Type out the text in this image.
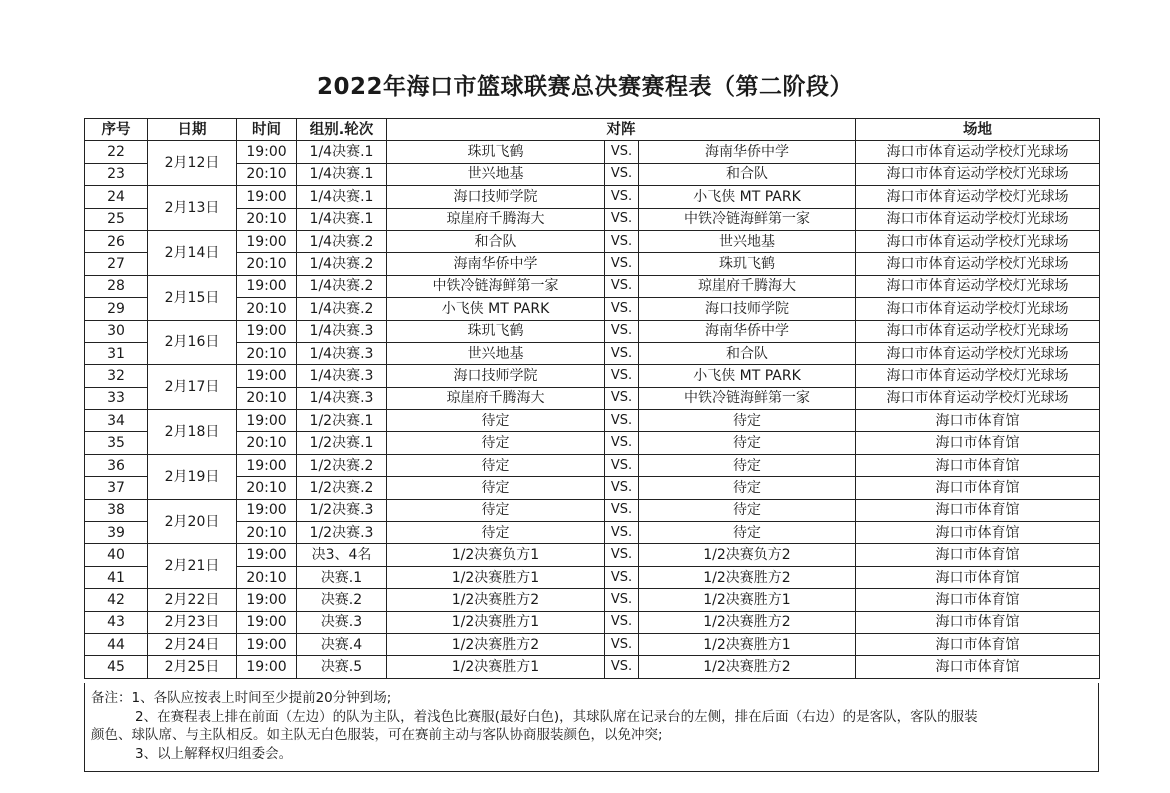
2022年海口市篮球联赛总决赛赛程表（第二阶段）
序号	日期	时间	组别.轮次	对阵			场地
22	2月12日	19:00	1/4决赛.1	珠玑飞鹤	VS.	海南华侨中学	海口市体育运动学校灯光球场
23		20:10	1/4决赛.1	世兴地基	VS.	和合队	海口市体育运动学校灯光球场
24	2月13日	19:00	1/4决赛.1	海口技师学院	VS.	小飞侠 MT PARK	海口市体育运动学校灯光球场
25		20:10	1/4决赛.1	琼崖府千腾海大	VS.	中铁冷链海鲜第一家	海口市体育运动学校灯光球场
26	2月14日	19:00	1/4决赛.2	和合队	VS.	世兴地基	海口市体育运动学校灯光球场
27		20:10	1/4决赛.2	海南华侨中学	VS.	珠玑飞鹤	海口市体育运动学校灯光球场
28	2月15日	19:00	1/4决赛.2	中铁冷链海鲜第一家	VS.	琼崖府千腾海大	海口市体育运动学校灯光球场
29		20:10	1/4决赛.2	小飞侠 MT PARK	VS.	海口技师学院	海口市体育运动学校灯光球场
30	2月16日	19:00	1/4决赛.3	珠玑飞鹤	VS.	海南华侨中学	海口市体育运动学校灯光球场
31		20:10	1/4决赛.3	世兴地基	VS.	和合队	海口市体育运动学校灯光球场
32	2月17日	19:00	1/4决赛.3	海口技师学院	VS.	小飞侠 MT PARK	海口市体育运动学校灯光球场
33		20:10	1/4决赛.3	琼崖府千腾海大	VS.	中铁冷链海鲜第一家	海口市体育运动学校灯光球场
34	2月18日	19:00	1/2决赛.1	待定	VS.	待定	海口市体育馆
35		20:10	1/2决赛.1	待定	VS.	待定	海口市体育馆
36	2月19日	19:00	1/2决赛.2	待定	VS.	待定	海口市体育馆
37		20:10	1/2决赛.2	待定	VS.	待定	海口市体育馆
38	2月20日	19:00	1/2决赛.3	待定	VS.	待定	海口市体育馆
39		20:10	1/2决赛.3	待定	VS.	待定	海口市体育馆
40	2月21日	19:00	决3、4名	1/2决赛负方1	VS.	1/2决赛负方2	海口市体育馆
41		20:10	决赛.1	1/2决赛胜方1	VS.	1/2决赛胜方2	海口市体育馆
42	2月22日	19:00	决赛.2	1/2决赛胜方2	VS.	1/2决赛胜方1	海口市体育馆
43	2月23日	19:00	决赛.3	1/2决赛胜方1	VS.	1/2决赛胜方2	海口市体育馆
44	2月24日	19:00	决赛.4	1/2决赛胜方2	VS.	1/2决赛胜方1	海口市体育馆
45	2月25日	19:00	决赛.5	1/2决赛胜方1	VS.	1/2决赛胜方2	海口市体育馆
备注：1、各队应按表上时间至少提前20分钟到场;
2、在赛程表上排在前面（左边）的队为主队，着浅色比赛服(最好白色)，其球队席在记录台的左侧，排在后面（右边）的是客队，客队的服装
颜色、球队席、与主队相反。如主队无白色服装，可在赛前主动与客队协商服装颜色，以免冲突;
3、以上解释权归组委会。
